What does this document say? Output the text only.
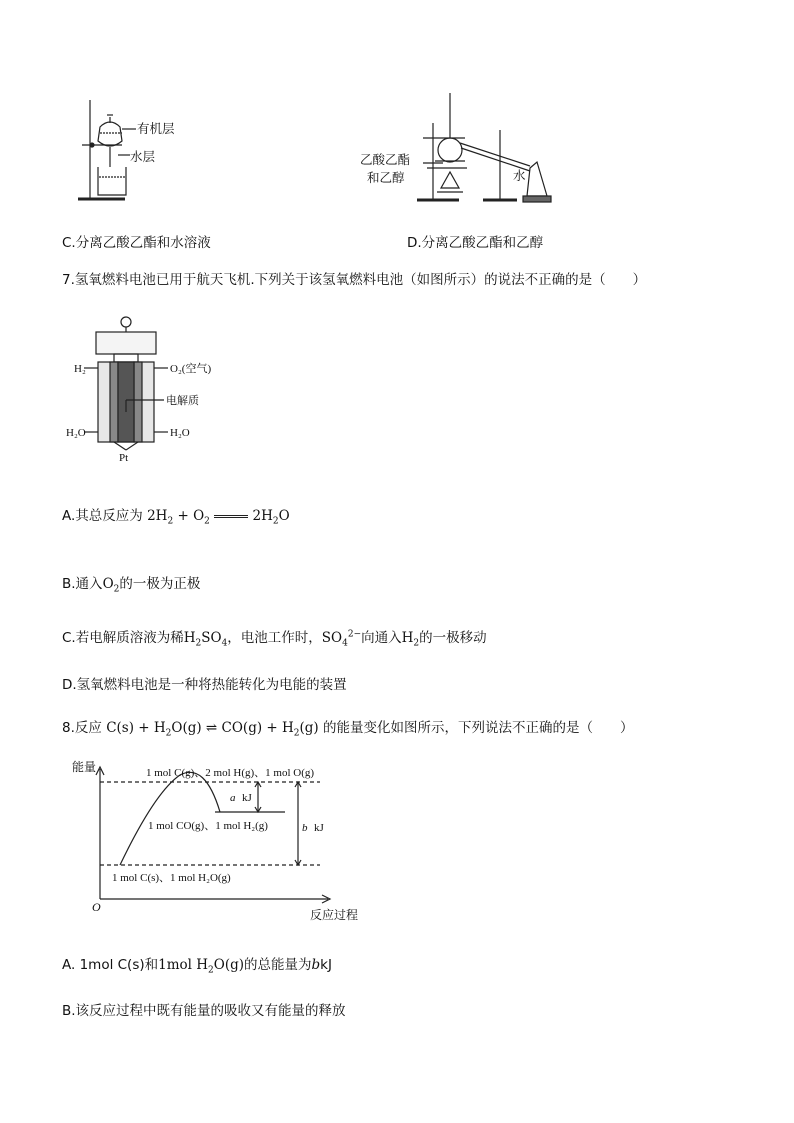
有机层
水层	乙酸乙酯
和乙醇	水
C.分离乙酸乙酯和水溶液	D.分离乙酸乙酯和乙醇
7.氢氧燃料电池已用于航天飞机.下列关于该氢氧燃料电池（如图所示）的说法不正确的是（　　）
H₂	O₂(空气)
电解质
H₂O	H₂O
Pt
A.其总反应为 $2H_2 + O_2$	$2H_2O$
B.通入$O_2$的一极为正极
C.若电解质溶液为稀$H_2SO_4$，电池工作时，$SO_4^{2-}$向通入$H_2$的一极移动
D.氢氧燃料电池是一种将热能转化为电能的装置
8.反应 $C(s) + H_2O(g)$ ⇌ $CO(g) + H_2(g)$ 的能量变化如图所示，下列说法不正确的是（　　）
能量
反应过程
O
1 mol C(g)、2 mol H(g)、1 mol O(g)
1 mol CO(g)、1 mol H₂(g)
1 mol C(s)、1 mol H₂O(g)
a kJ
b kJ
A. 1mol C(s)和1mol $H_2O(g)$的总能量为bkJ
B.该反应过程中既有能量的吸收又有能量的释放
